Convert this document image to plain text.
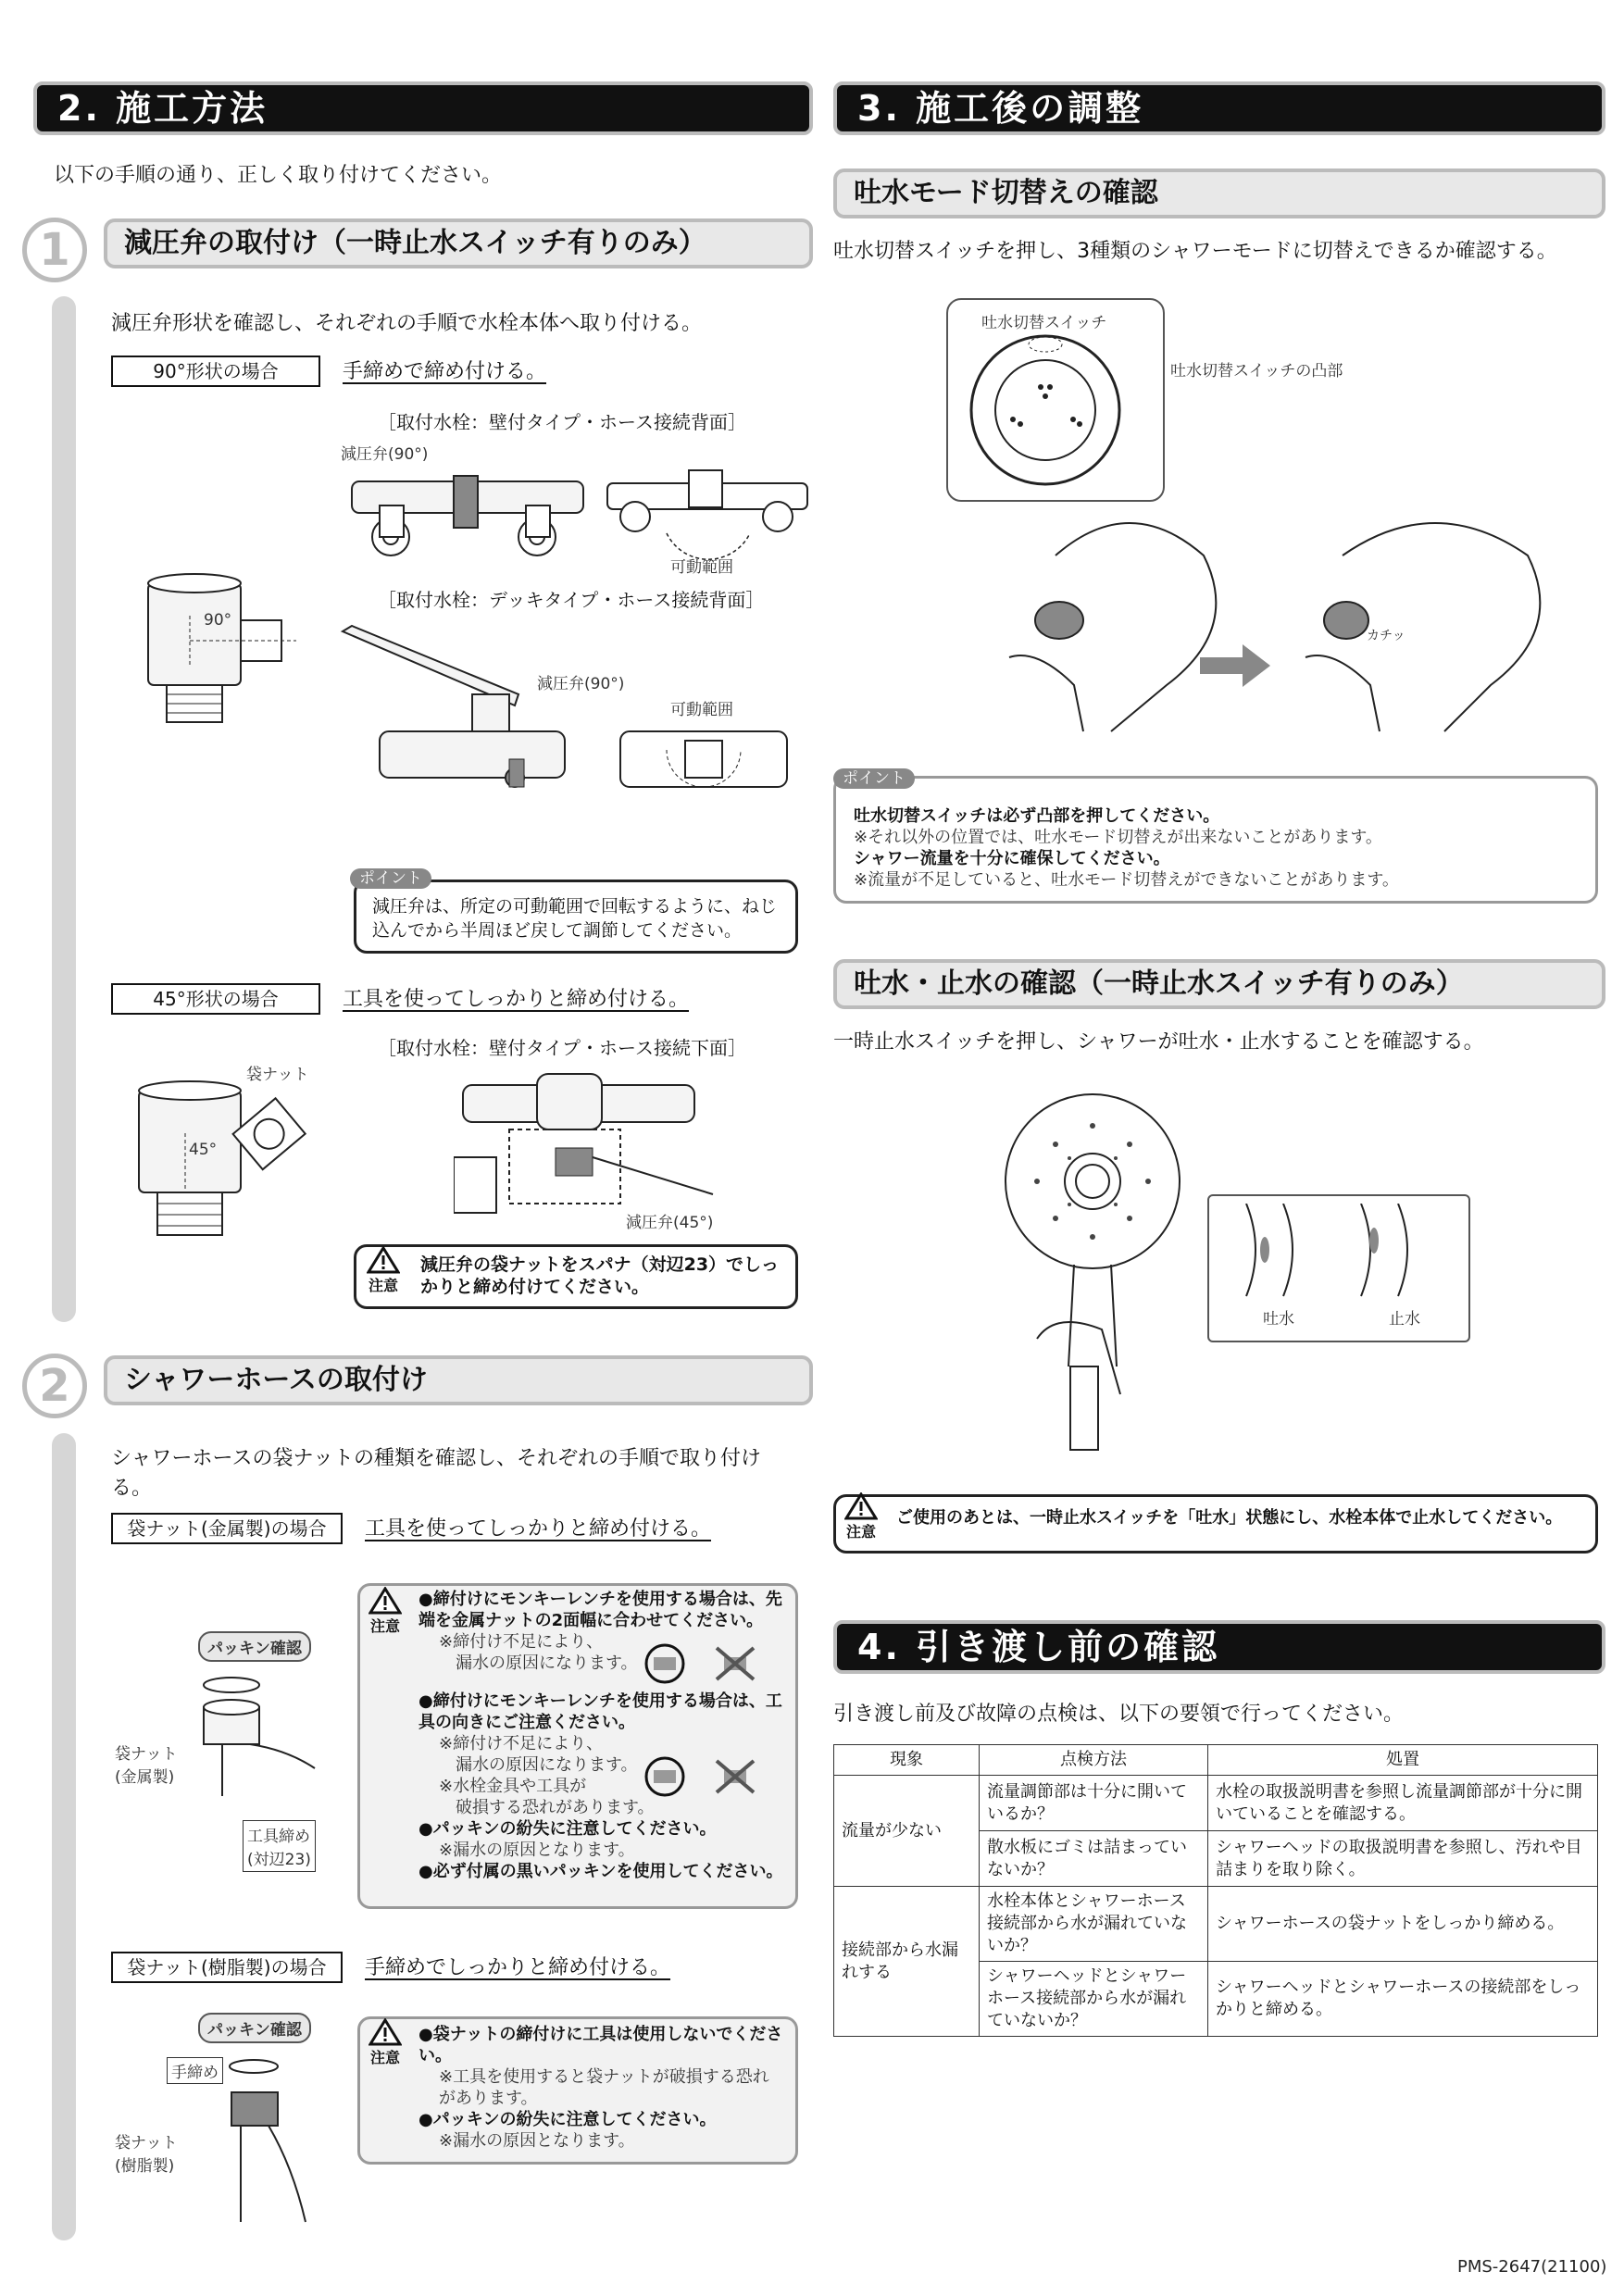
2. 施工方法
以下の手順の通り、正しく取り付けてください。
1	減圧弁の取付け（一時止水スイッチ有りのみ）
減圧弁形状を確認し、それぞれの手順で水栓本体へ取り付ける。
90°形状の場合	手締めで締め付ける。
［取付水栓：壁付タイプ・ホース接続背面］
減圧弁(90°)
可動範囲
90°
［取付水栓：デッキタイプ・ホース接続背面］
減圧弁(90°)
可動範囲
ポイント
減圧弁は、所定の可動範囲で回転するように、ねじ込んでから半周ほど戻して調節してください。
45°形状の場合	工具を使ってしっかりと締め付ける。
［取付水栓：壁付タイプ・ホース接続下面］
袋ナット
45°
減圧弁(45°)
注意
減圧弁の袋ナットをスパナ（対辺23）でしっかりと締め付けてください。
2	シャワーホースの取付け
シャワーホースの袋ナットの種類を確認し、それぞれの手順で取り付ける。
袋ナット(金属製)の場合	工具を使ってしっかりと締め付ける。
パッキン確認
袋ナット
(金属製)
工具締め
(対辺23)
注意
●締付けにモンキーレンチを使用する場合は、先端を金属ナットの2面幅に合わせてください。
※締付け不足により、
漏水の原因になります。
●締付けにモンキーレンチを使用する場合は、工具の向きにご注意ください。
※締付け不足により、
漏水の原因になります。
※水栓金具や工具が
破損する恐れがあります。
●パッキンの紛失に注意してください。
※漏水の原因となります。
●必ず付属の黒いパッキンを使用してください。
袋ナット(樹脂製)の場合	手締めでしっかりと締め付ける。
パッキン確認
手締め
袋ナット
(樹脂製)
注意
●袋ナットの締付けに工具は使用しないでください。
※工具を使用すると袋ナットが破損する恐れがあります。
●パッキンの紛失に注意してください。
※漏水の原因となります。
3. 施工後の調整
吐水モード切替えの確認
吐水切替スイッチを押し、3種類のシャワーモードに切替えできるか確認する。
吐水切替スイッチ
吐水切替スイッチの凸部
カチッ
ポイント
吐水切替スイッチは必ず凸部を押してください。
※それ以外の位置では、吐水モード切替えが出来ないことがあります。
シャワー流量を十分に確保してください。
※流量が不足していると、吐水モード切替えができないことがあります。
吐水・止水の確認（一時止水スイッチ有りのみ）
一時止水スイッチを押し、シャワーが吐水・止水することを確認する。
吐水	止水
注意
ご使用のあとは、一時止水スイッチを「吐水」状態にし、水栓本体で止水してください。
4. 引き渡し前の確認
引き渡し前及び故障の点検は、以下の要領で行ってください。
現象	点検方法	処置
流量が少ない	流量調節部は十分に開いているか？	水栓の取扱説明書を参照し流量調節部が十分に開いていることを確認する。
	散水板にゴミは詰まっていないか？	シャワーヘッドの取扱説明書を参照し、汚れや目詰まりを取り除く。
接続部から水漏れする	水栓本体とシャワーホース接続部から水が漏れていないか？	シャワーホースの袋ナットをしっかり締める。
	シャワーヘッドとシャワーホース接続部から水が漏れていないか？	シャワーヘッドとシャワーホースの接続部をしっかりと締める。
PMS-2647(21100)
